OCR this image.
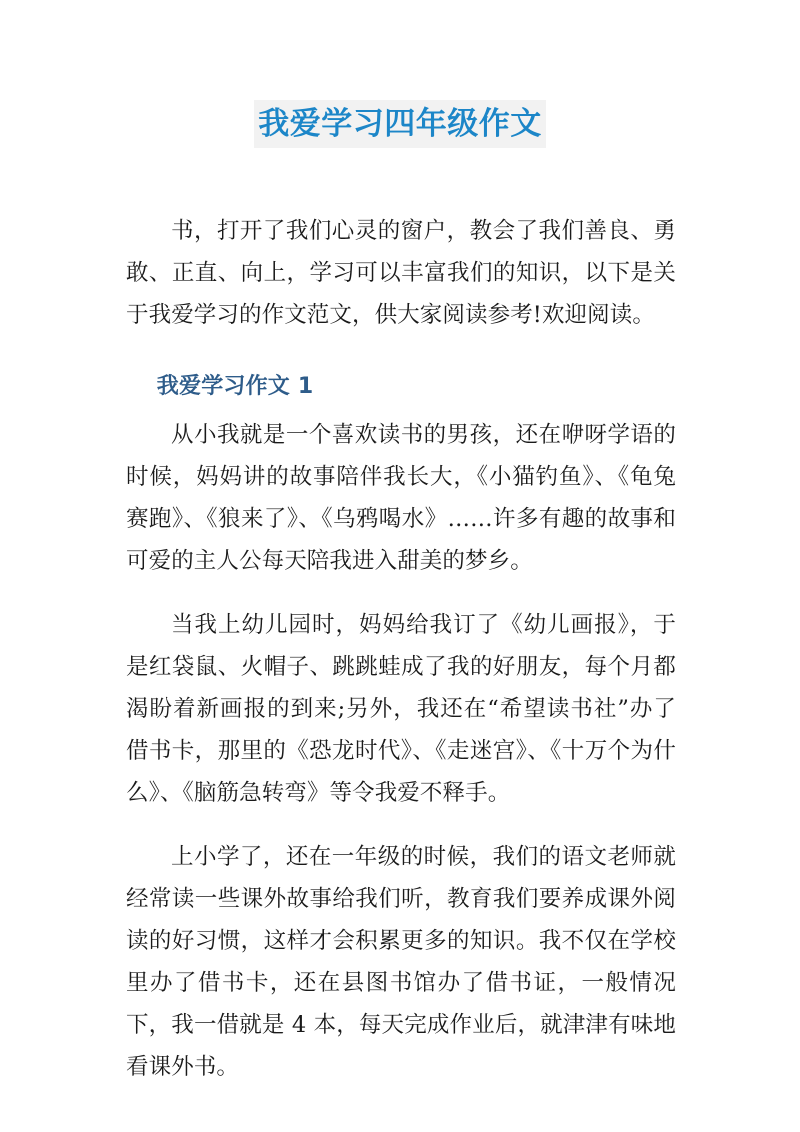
我爱学习四年级作文

书，打开了我们心灵的窗户，教会了我们善良、勇敢、正直、向上，学习可以丰富我们的知识，以下是关于我爱学习的作文范文，供大家阅读参考!欢迎阅读。

我爱学习作文 1

从小我就是一个喜欢读书的男孩，还在咿呀学语的时候，妈妈讲的故事陪伴我长大，《小猫钓鱼》、《龟兔赛跑》、《狼来了》、《乌鸦喝水》……许多有趣的故事和可爱的主人公每天陪我进入甜美的梦乡。

当我上幼儿园时，妈妈给我订了《幼儿画报》，于是红袋鼠、火帽子、跳跳蛙成了我的好朋友，每个月都渴盼着新画报的到来;另外，我还在“希望读书社”办了借书卡，那里的《恐龙时代》、《走迷宫》、《十万个为什么》、《脑筋急转弯》等令我爱不释手。

上小学了，还在一年级的时候，我们的语文老师就经常读一些课外故事给我们听，教育我们要养成课外阅读的好习惯，这样才会积累更多的知识。我不仅在学校里办了借书卡，还在县图书馆办了借书证，一般情况下，我一借就是 4 本，每天完成作业后，就津津有味地看课外书。
